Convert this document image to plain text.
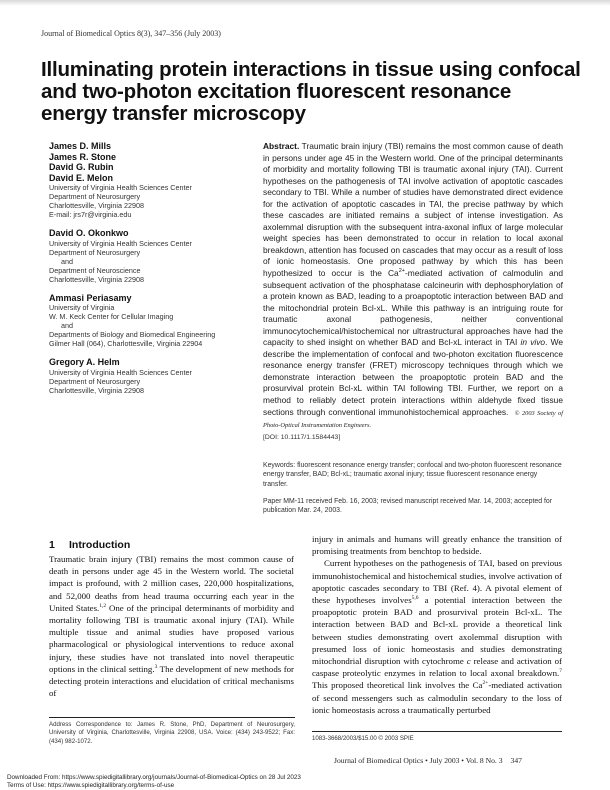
Journal of Biomedical Optics 8(3), 347–356 (July 2003)
Illuminating protein interactions in tissue using confocal and two-photon excitation fluorescent resonance energy transfer microscopy
James D. Mills
James R. Stone
David G. Rubin
David E. Melon
University of Virginia Health Sciences Center
Department of Neurosurgery
Charlottesville, Virginia 22908
E-mail: jrs7r@virginia.edu
David O. Okonkwo
University of Virginia Health Sciences Center
Department of Neurosurgery
and
Department of Neuroscience
Charlottesville, Virginia 22908
Ammasi Periasamy
University of Virginia
W. M. Keck Center for Cellular Imaging
and
Departments of Biology and Biomedical Engineering
Gilmer Hall (064), Charlottesville, Virginia 22904
Gregory A. Helm
University of Virginia Health Sciences Center
Department of Neurosurgery
Charlottesville, Virginia 22908
Abstract. Traumatic brain injury (TBI) remains the most common cause of death in persons under age 45 in the Western world. One of the principal determinants of morbidity and mortality following TBI is traumatic axonal injury (TAI). Current hypotheses on the pathogenesis of TAI involve activation of apoptotic cascades secondary to TBI. While a number of studies have demonstrated direct evidence for the activation of apoptotic cascades in TAI, the precise pathway by which these cascades are initiated remains a subject of intense investigation. As axolemmal disruption with the subsequent intra-axonal influx of large molecular weight species has been demonstrated to occur in relation to local axonal breakdown, attention has focused on cascades that may occur as a result of loss of ionic homeostasis. One proposed pathway by which this has been hypothesized to occur is the $Ca^{2+}$-mediated activation of calmodulin and subsequent activation of the phosphatase calcineurin with dephosphorylation of a protein known as BAD, leading to a proapoptotic interaction between BAD and the mitochondrial protein Bcl-xL. While this pathway is an intriguing route for traumatic axonal pathogenesis, neither conventional immunocytochemical/histochemical nor ultrastructural approaches have had the capacity to shed insight on whether BAD and Bcl-xL interact in TAI in vivo. We describe the implementation of confocal and two-photon excitation fluorescence resonance energy transfer (FRET) microscopy techniques through which we demonstrate interaction between the proapoptotic protein BAD and the prosurvival protein Bcl-xL within TAI following TBI. Further, we report on a method to reliably detect protein interactions within aldehyde fixed tissue sections through conventional immunohistochemical approaches. © 2003 Society of Photo-Optical Instrumentation Engineers.
[DOI: 10.1117/1.1584443]
Keywords: fluorescent resonance energy transfer; confocal and two-photon fluorescent resonance energy transfer, BAD; Bcl-xL; traumatic axonal injury; tissue fluorescent resonance energy transfer.
Paper MM-11 received Feb. 16, 2003; revised manuscript received Mar. 14, 2003; accepted for publication Mar. 24, 2003.
1 Introduction

Traumatic brain injury (TBI) remains the most common cause of death in persons under age 45 in the Western world. The societal impact is profound, with 2 million cases, 220,000 hospitalizations, and 52,000 deaths from head trauma occurring each year in the United States.$^{1,2}$ One of the principal determinants of morbidity and mortality following TBI is traumatic axonal injury (TAI). While multiple tissue and animal studies have proposed various pharmacological or physiological interventions to reduce axonal injury, these studies have not translated into novel therapeutic options in the clinical setting.$^3$ The development of new methods for detecting protein interactions and elucidation of critical mechanisms of

injury in animals and humans will greatly enhance the transition of promising treatments from benchtop to bedside.

Current hypotheses on the pathogenesis of TAI, based on previous immunohistochemical and histochemical studies, involve activation of apoptotic cascades secondary to TBI (Ref. 4). A pivotal element of these hypotheses involves$^{5,6}$ a potential interaction between the proapoptotic protein BAD and prosurvival protein Bcl-xL. The interaction between BAD and Bcl-xL provide a theoretical link between studies demonstrating overt axolemmal disruption with presumed loss of ionic homeostasis and studies demonstrating mitochondrial disruption with cytochrome c release and activation of caspase proteolytic enzymes in relation to local axonal breakdown.$^7$ This proposed theoretical link involves the $Ca^{2+}$-mediated activation of second messengers such as calmodulin secondary to the loss of ionic homeostasis across a traumatically perturbed

Address Correspondence to: James R. Stone, PhD, Department of Neurosurgery, University of Virginia, Charlottesville, Virginia 22908, USA. Voice: (434) 243-9522; Fax: (434) 982-1072.	1083-3668/2003/$15.00 © 2003 SPIE
Journal of Biomedical Optics • July 2003 • Vol. 8 No. 3 347
Downloaded From: https://www.spiedigitallibrary.org/journals/Journal-of-Biomedical-Optics on 28 Jul 2023
Terms of Use: https://www.spiedigitallibrary.org/terms-of-use
